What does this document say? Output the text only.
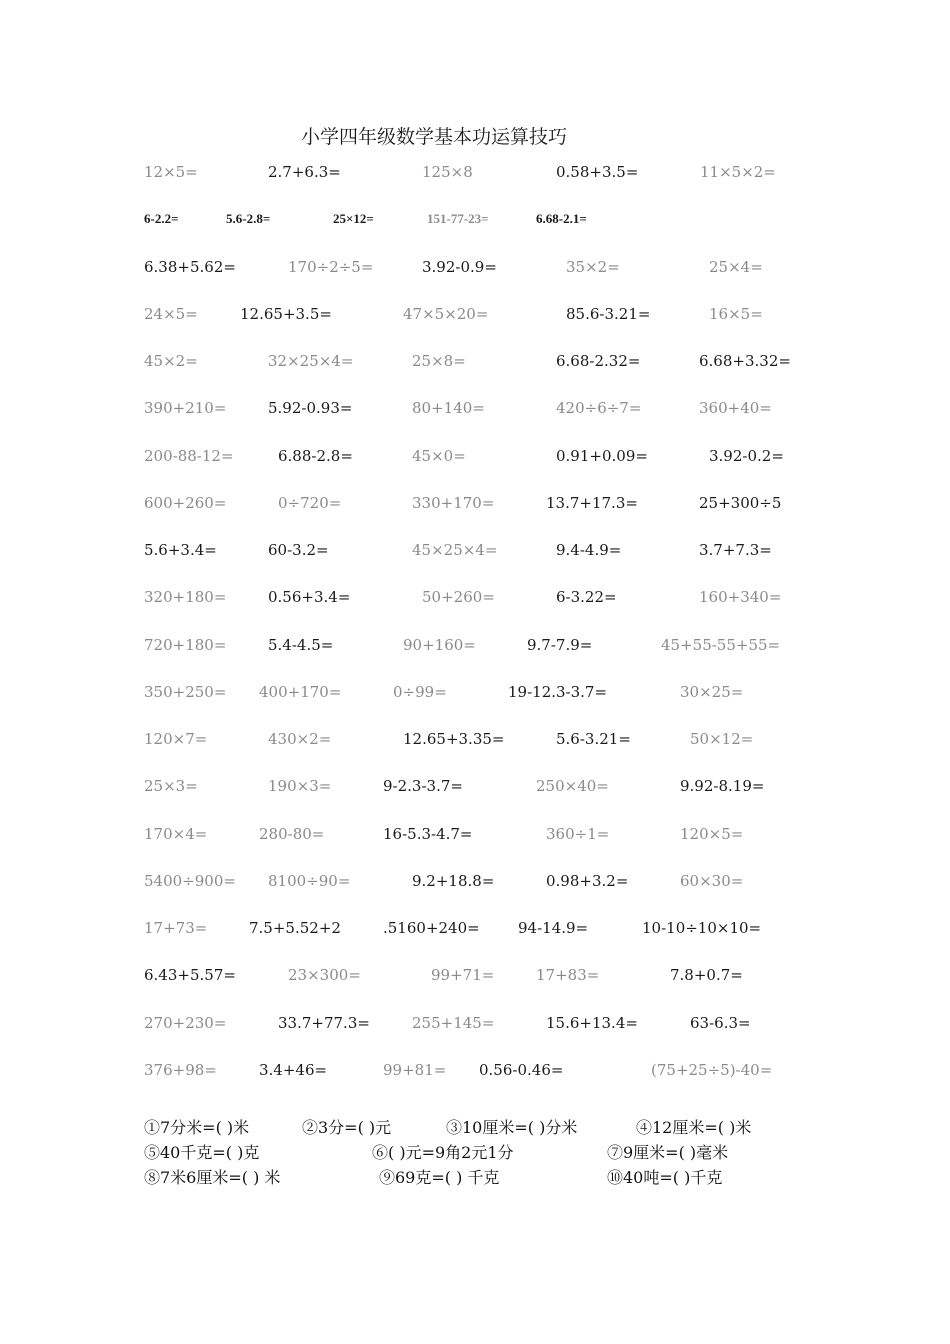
小学四年级数学基本功运算技巧
12×5=	2.7+6.3=	125×8	0.58+3.5=	11×5×2=
6-2.2=	5.6-2.8=	25×12=	151-77-23=	6.68-2.1=
6.38+5.62=	170÷2÷5=	3.92-0.9=	35×2=	25×4=
24×5=	12.65+3.5=	47×5×20=	85.6-3.21=	16×5=
45×2=	32×25×4=	25×8=	6.68-2.32=	6.68+3.32=
390+210=	5.92-0.93=	80+140=	420÷6÷7=	360+40=
200-88-12=	6.88-2.8=	45×0=	0.91+0.09=	3.92-0.2=
600+260=	0÷720=	330+170=	13.7+17.3=	25+300÷5
5.6+3.4=	60-3.2=	45×25×4=	9.4-4.9=	3.7+7.3=
320+180=	0.56+3.4=	50+260=	6-3.22=	160+340=
720+180=	5.4-4.5=	90+160=	9.7-7.9=	45+55-55+55=
350+250= 400+170=	0÷99=	19-12.3-3.7=	30×25=
120×7=	430×2=	12.65+3.35=	5.6-3.21=	50×12=
25×3=	190×3=	9-2.3-3.7=	250×40=	9.92-8.19=
170×4=	280-80=	16-5.3-4.7=	360÷1=	120×5=
5400÷900= 8100÷90=	9.2+18.8=	0.98+3.2=	60×30=
17+73=	7.5+5.52+2	.5160+240=	94-14.9=	10-10÷10×10=
6.43+5.57=	23×300=	99+71=	17+83=	7.8+0.7=
270+230=	33.7+77.3=	255+145=	15.6+13.4=	63-6.3=
376+98=	3.4+46=	99+81= 0.56-0.46=	(75+25÷5)-40=
①7分米=( )米	②3分=( )元	③10厘米=( )分米	④12厘米=( )米
⑤40千克=( )克	⑥( )元=9角2元1分	⑦9厘米=( )毫米
⑧7米6厘米=( ) 米	⑨69克=( ) 千克	⑩40吨=( )千克
